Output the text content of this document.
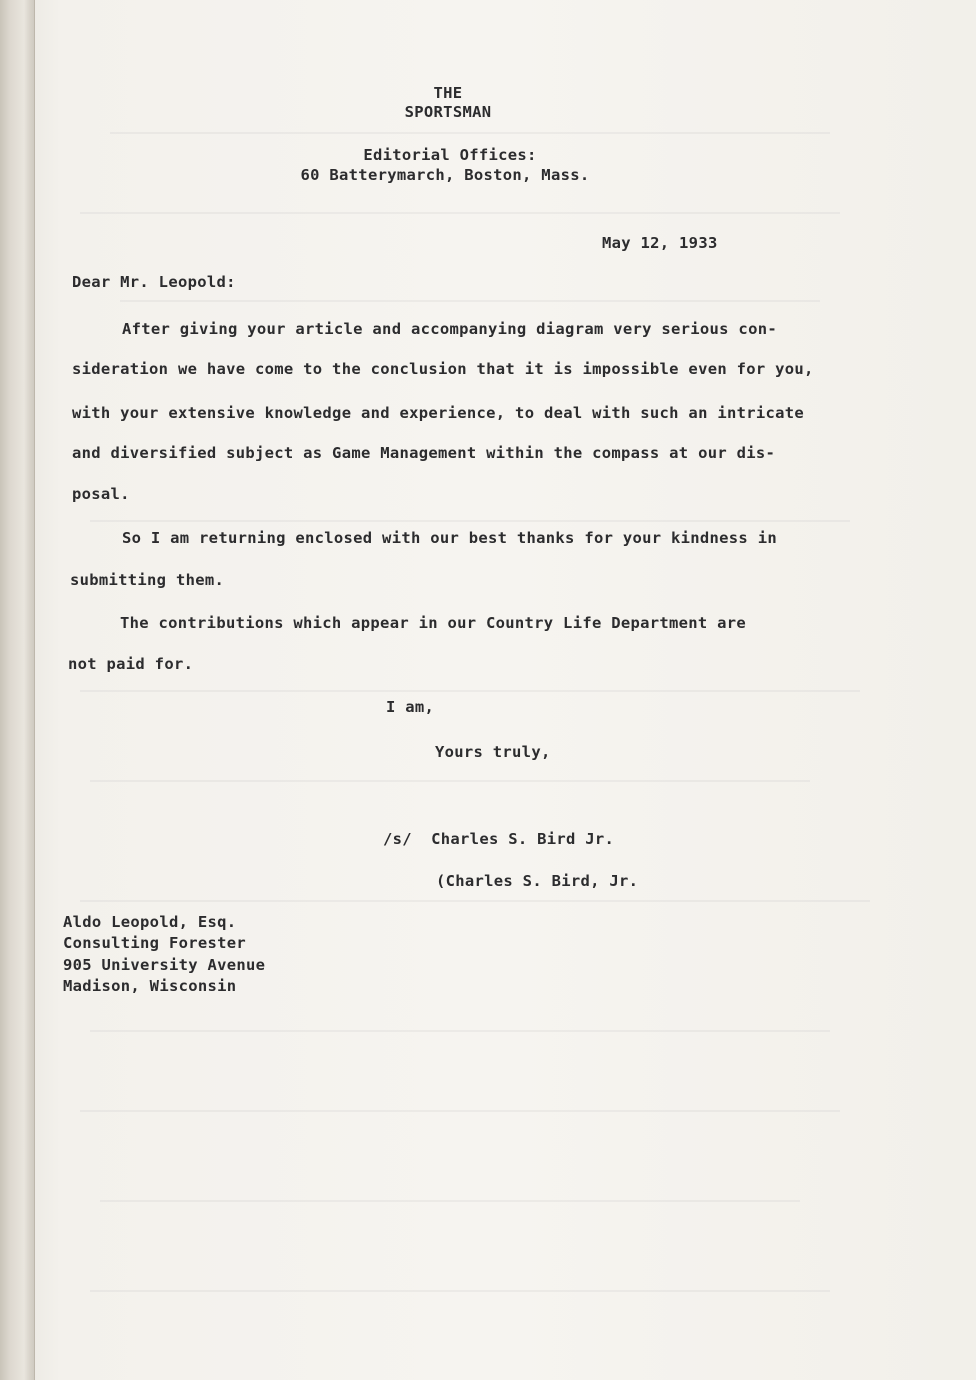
THE
SPORTSMAN
Editorial Offices:
60 Batterymarch, Boston, Mass.
May 12, 1933
Dear Mr. Leopold:
After giving your article and accompanying diagram very serious con-
sideration we have come to the conclusion that it is impossible even for you,
with your extensive knowledge and experience, to deal with such an intricate
and diversified subject as Game Management within the compass at our dis-
posal.
So I am returning enclosed with our best thanks for your kindness in
submitting them.
The contributions which appear in our Country Life Department are
not paid for.
I am,
Yours truly,
/s/  Charles S. Bird Jr.
(Charles S. Bird, Jr.
Aldo Leopold, Esq.
Consulting Forester
905 University Avenue
Madison, Wisconsin
